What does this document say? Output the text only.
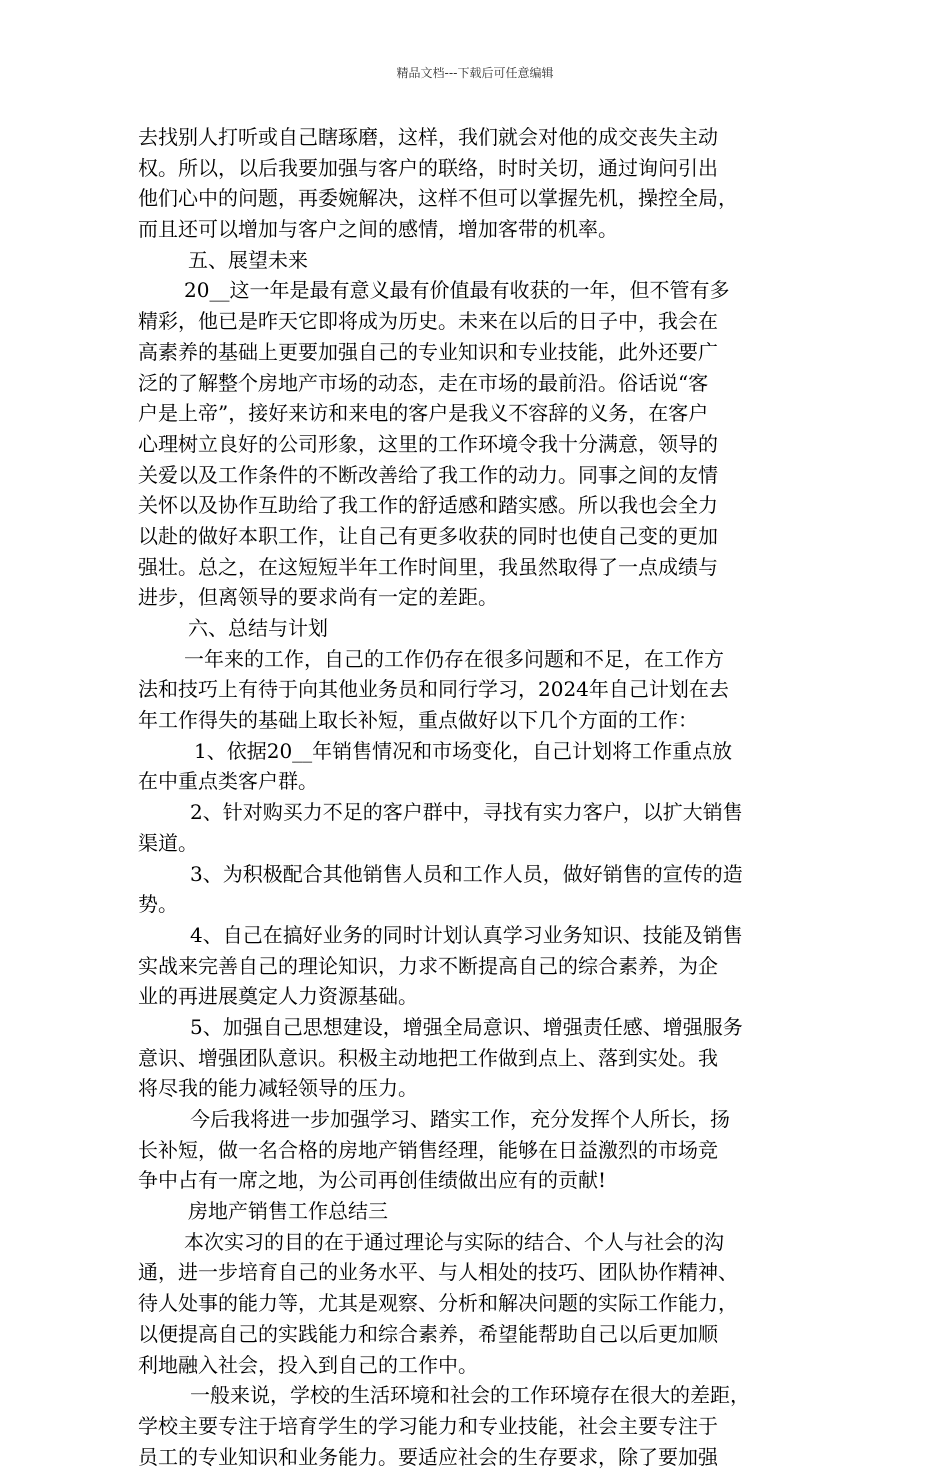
精品文档---下载后可任意编辑
去找别人打听或自己瞎琢磨，这样，我们就会对他的成交丧失主动
权。所以，以后我要加强与客户的联络，时时关切，通过询问引出
他们心中的问题，再委婉解决，这样不但可以掌握先机，操控全局，
而且还可以增加与客户之间的感情，增加客带的机率。
五、展望未来
20__这一年是最有意义最有价值最有收获的一年，但不管有多
精彩，他已是昨天它即将成为历史。未来在以后的日子中，我会在
高素养的基础上更要加强自己的专业知识和专业技能，此外还要广
泛的了解整个房地产市场的动态，走在市场的最前沿。俗话说“客
户是上帝”，接好来访和来电的客户是我义不容辞的义务，在客户
心理树立良好的公司形象，这里的工作环境令我十分满意，领导的
关爱以及工作条件的不断改善给了我工作的动力。同事之间的友情
关怀以及协作互助给了我工作的舒适感和踏实感。所以我也会全力
以赴的做好本职工作，让自己有更多收获的同时也使自己变的更加
强壮。总之，在这短短半年工作时间里，我虽然取得了一点成绩与
进步，但离领导的要求尚有一定的差距。
六、总结与计划
一年来的工作，自己的工作仍存在很多问题和不足，在工作方
法和技巧上有待于向其他业务员和同行学习，2024年自己计划在去
年工作得失的基础上取长补短，重点做好以下几个方面的工作：
1、依据20__年销售情况和市场变化，自己计划将工作重点放
在中重点类客户群。
2、针对购买力不足的客户群中，寻找有实力客户，以扩大销售
渠道。
3、为积极配合其他销售人员和工作人员，做好销售的宣传的造
势。
4、自己在搞好业务的同时计划认真学习业务知识、技能及销售
实战来完善自己的理论知识，力求不断提高自己的综合素养，为企
业的再进展奠定人力资源基础。
5、加强自己思想建设，增强全局意识、增强责任感、增强服务
意识、增强团队意识。积极主动地把工作做到点上、落到实处。我
将尽我的能力减轻领导的压力。
今后我将进一步加强学习、踏实工作，充分发挥个人所长，扬
长补短，做一名合格的房地产销售经理，能够在日益激烈的市场竞
争中占有一席之地，为公司再创佳绩做出应有的贡献!
房地产销售工作总结三
本次实习的目的在于通过理论与实际的结合、个人与社会的沟
通，进一步培育自己的业务水平、与人相处的技巧、团队协作精神、
待人处事的能力等，尤其是观察、分析和解决问题的实际工作能力，
以便提高自己的实践能力和综合素养，希望能帮助自己以后更加顺
利地融入社会，投入到自己的工作中。
一般来说，学校的生活环境和社会的工作环境存在很大的差距，
学校主要专注于培育学生的学习能力和专业技能，社会主要专注于
员工的专业知识和业务能力。要适应社会的生存要求，除了要加强
